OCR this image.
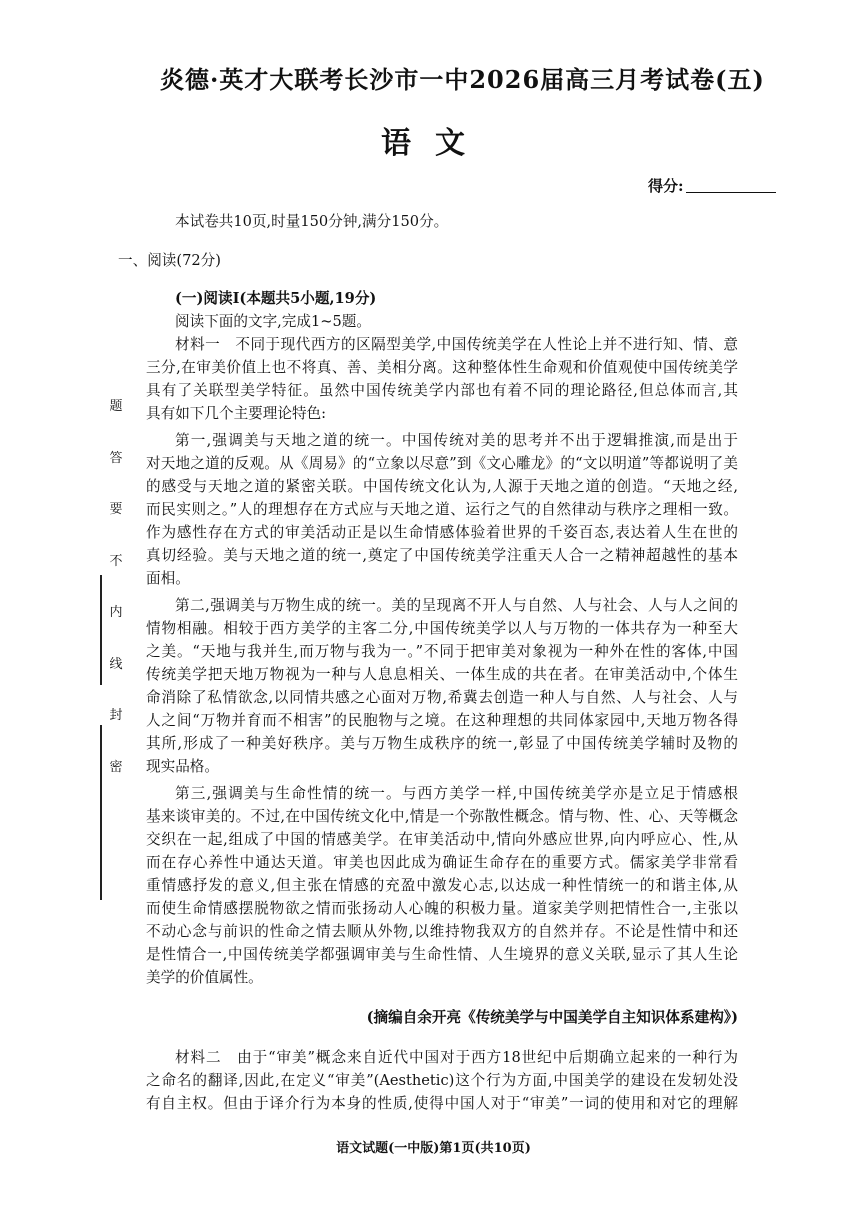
炎德·英才大联考长沙市一中2026届高三月考试卷(五)
语文
得分:
题
答
要
不
内
线
封
密

本试卷共10页,时量150分钟,满分150分。

一、阅读(72分)

(一)阅读Ⅰ(本题共5小题,19分)

阅读下面的文字,完成1~5题。

材料一　不同于现代西方的区隔型美学,中国传统美学在人性论上并不进行知、情、意

三分,在审美价值上也不将真、善、美相分离。这种整体性生命观和价值观使中国传统美学

具有了关联型美学特征。虽然中国传统美学内部也有着不同的理论路径,但总体而言,其

具有如下几个主要理论特色:

第一,强调美与天地之道的统一。中国传统对美的思考并不出于逻辑推演,而是出于

对天地之道的反观。从《周易》的“立象以尽意”到《文心雕龙》的“文以明道”等都说明了美

的感受与天地之道的紧密关联。中国传统文化认为,人源于天地之道的创造。“天地之经,

而民实则之。”人的理想存在方式应与天地之道、运行之气的自然律动与秩序之理相一致。

作为感性存在方式的审美活动正是以生命情感体验着世界的千姿百态,表达着人生在世的

真切经验。美与天地之道的统一,奠定了中国传统美学注重天人合一之精神超越性的基本

面相。

第二,强调美与万物生成的统一。美的呈现离不开人与自然、人与社会、人与人之间的

情物相融。相较于西方美学的主客二分,中国传统美学以人与万物的一体共存为一种至大

之美。“天地与我并生,而万物与我为一。”不同于把审美对象视为一种外在性的客体,中国

传统美学把天地万物视为一种与人息息相关、一体生成的共在者。在审美活动中,个体生

命消除了私情欲念,以同情共感之心面对万物,希冀去创造一种人与自然、人与社会、人与

人之间“万物并育而不相害”的民胞物与之境。在这种理想的共同体家园中,天地万物各得

其所,形成了一种美好秩序。美与万物生成秩序的统一,彰显了中国传统美学辅时及物的

现实品格。

第三,强调美与生命性情的统一。与西方美学一样,中国传统美学亦是立足于情感根

基来谈审美的。不过,在中国传统文化中,情是一个弥散性概念。情与物、性、心、天等概念

交织在一起,组成了中国的情感美学。在审美活动中,情向外感应世界,向内呼应心、性,从

而在存心养性中通达天道。审美也因此成为确证生命存在的重要方式。儒家美学非常看

重情感抒发的意义,但主张在情感的充盈中激发心志,以达成一种性情统一的和谐主体,从

而使生命情感摆脱物欲之情而张扬动人心魄的积极力量。道家美学则把情性合一,主张以

不动心念与前识的性命之情去顺从外物,以维持物我双方的自然并存。不论是性情中和还

是性情合一,中国传统美学都强调审美与生命性情、人生境界的意义关联,显示了其人生论

美学的价值属性。

(摘编自余开亮《传统美学与中国美学自主知识体系建构》)

材料二　由于“审美”概念来自近代中国对于西方18世纪中后期确立起来的一种行为

之命名的翻译,因此,在定义“审美”(Aesthetic)这个行为方面,中国美学的建设在发轫处没

有自主权。但由于译介行为本身的性质,使得中国人对于“审美”一词的使用和对它的理解

语文试题(一中版)第1页(共10页)
